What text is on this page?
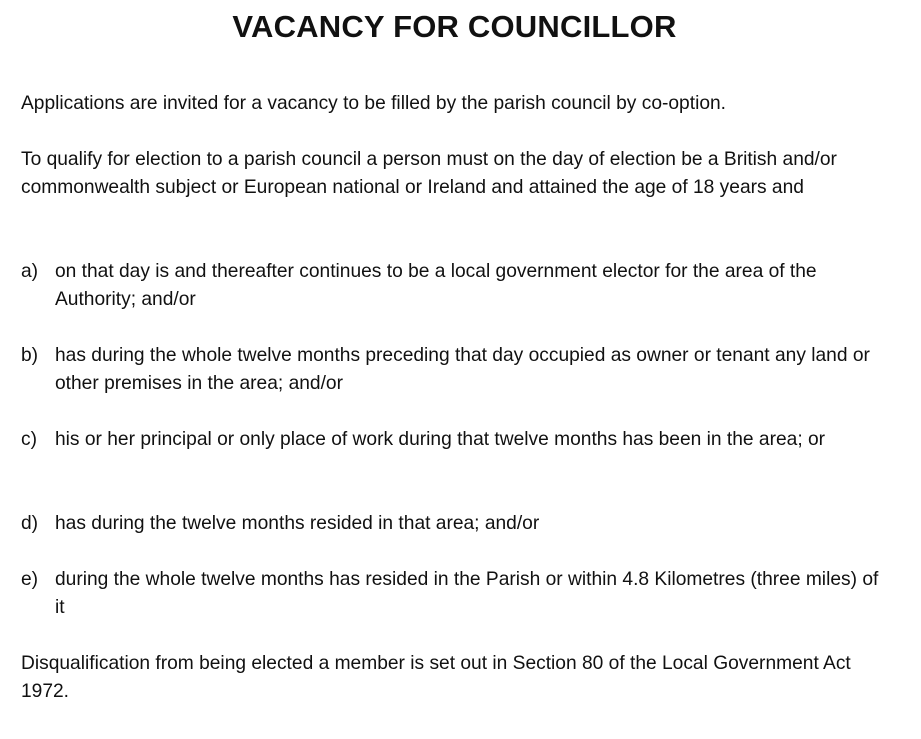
VACANCY FOR COUNCILLOR

Applications are invited for a vacancy to be filled by the parish council by co-option.

To qualify for election to a parish council a person must on the day of election be a British and/or commonwealth subject or European national or Ireland and attained the age of 18 years and

a) on that day is and thereafter continues to be a local government elector for the area of the Authority; and/or
b) has during the whole twelve months preceding that day occupied as owner or tenant any land or other premises in the area; and/or
c) his or her principal or only place of work during that twelve months has been in the area; or
d) has during the twelve months resided in that area; and/or
e) during the whole twelve months has resided in the Parish or within 4.8 Kilometres (three miles) of it

Disqualification from being elected a member is set out in Section 80 of the Local Government Act 1972.
